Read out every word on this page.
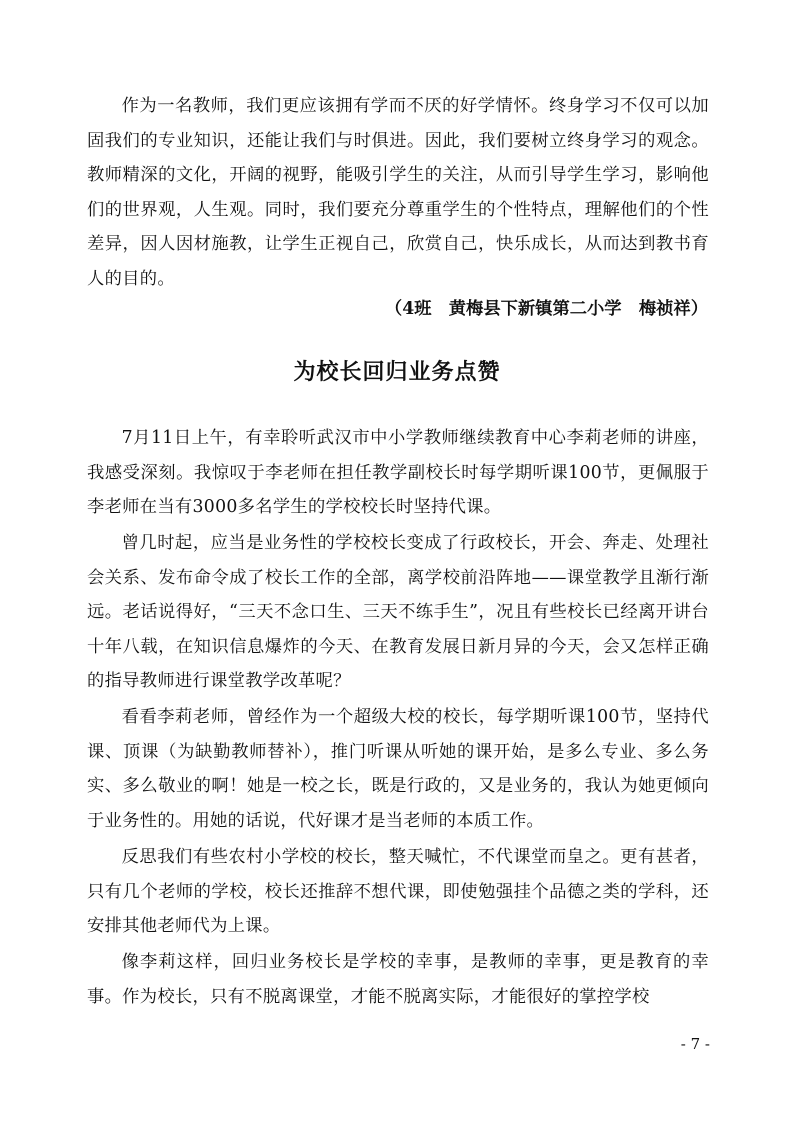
作为一名教师，我们更应该拥有学而不厌的好学情怀。终身学习不仅可以加固我们的专业知识，还能让我们与时俱进。因此，我们要树立终身学习的观念。教师精深的文化，开阔的视野，能吸引学生的关注，从而引导学生学习，影响他们的世界观，人生观。同时，我们要充分尊重学生的个性特点，理解他们的个性差异，因人因材施教，让学生正视自己，欣赏自己，快乐成长，从而达到教书育人的目的。

（4班　黄梅县下新镇第二小学　梅祯祥）

为校长回归业务点赞

7月11日上午，有幸聆听武汉市中小学教师继续教育中心李莉老师的讲座，我感受深刻。我惊叹于李老师在担任教学副校长时每学期听课100节，更佩服于李老师在当有3000多名学生的学校校长时坚持代课。

曾几时起，应当是业务性的学校校长变成了行政校长，开会、奔走、处理社会关系、发布命令成了校长工作的全部，离学校前沿阵地——课堂教学且渐行渐远。老话说得好，“三天不念口生、三天不练手生”，况且有些校长已经离开讲台十年八载，在知识信息爆炸的今天、在教育发展日新月异的今天，会又怎样正确的指导教师进行课堂教学改革呢？

看看李莉老师，曾经作为一个超级大校的校长，每学期听课100节，坚持代课、顶课（为缺勤教师替补），推门听课从听她的课开始，是多么专业、多么务实、多么敬业的啊！她是一校之长，既是行政的，又是业务的，我认为她更倾向于业务性的。用她的话说，代好课才是当老师的本质工作。

反思我们有些农村小学校的校长，整天喊忙，不代课堂而皇之。更有甚者，只有几个老师的学校，校长还推辞不想代课，即使勉强挂个品德之类的学科，还安排其他老师代为上课。

像李莉这样，回归业务校长是学校的幸事，是教师的幸事，更是教育的幸事。作为校长，只有不脱离课堂，才能不脱离实际，才能很好的掌控学校

- 7 -
